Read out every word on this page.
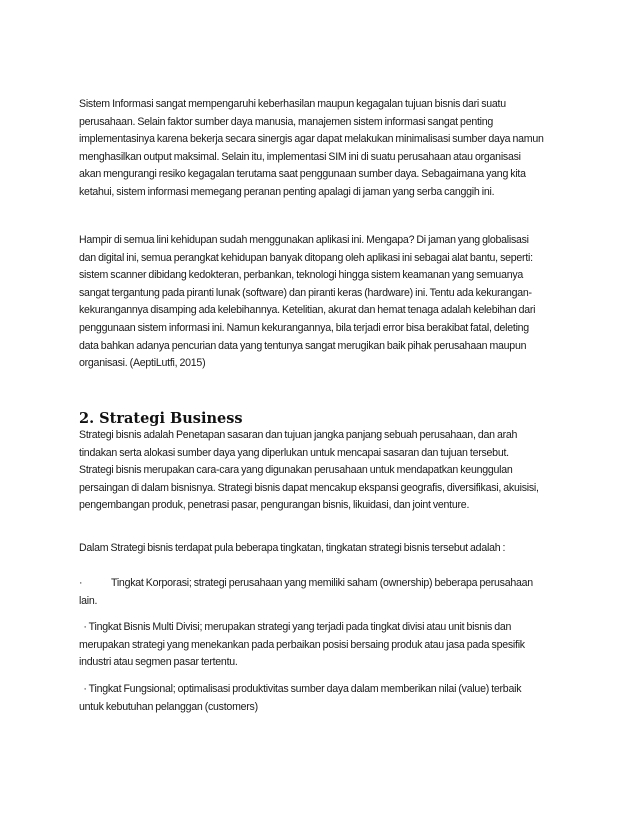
Sistem Informasi sangat mempengaruhi keberhasilan maupun kegagalan tujuan bisnis dari suatu
perusahaan. Selain faktor sumber daya manusia, manajemen sistem informasi sangat penting
implementasinya karena bekerja secara sinergis agar dapat melakukan minimalisasi sumber daya namun
menghasilkan output maksimal. Selain itu, implementasi SIM ini di suatu perusahaan atau organisasi
akan mengurangi resiko kegagalan terutama saat penggunaan sumber daya. Sebagaimana yang kita
ketahui, sistem informasi memegang peranan penting apalagi di jaman yang serba canggih ini.
Hampir di semua lini kehidupan sudah menggunakan aplikasi ini. Mengapa? Di jaman yang globalisasi
dan digital ini, semua perangkat kehidupan banyak ditopang oleh aplikasi ini sebagai alat bantu, seperti:
sistem scanner dibidang kedokteran, perbankan, teknologi hingga sistem keamanan yang semuanya
sangat tergantung pada piranti lunak (software) dan piranti keras (hardware) ini. Tentu ada kekurangan-
kekurangannya disamping ada kelebihannya. Ketelitian, akurat dan hemat tenaga adalah kelebihan dari
penggunaan sistem informasi ini. Namun kekurangannya, bila terjadi error bisa berakibat fatal, deleting
data bahkan adanya pencurian data yang tentunya sangat merugikan baik pihak perusahaan maupun
organisasi. (AeptiLutfi, 2015)
2. Strategi Business
Strategi bisnis adalah Penetapan sasaran dan tujuan jangka panjang sebuah perusahaan, dan arah
tindakan serta alokasi sumber daya yang diperlukan untuk mencapai sasaran dan tujuan tersebut.
Strategi bisnis merupakan cara-cara yang digunakan perusahaan untuk mendapatkan keunggulan
persaingan di dalam bisnisnya. Strategi bisnis dapat mencakup ekspansi geografis, diversifikasi, akuisisi,
pengembangan produk, penetrasi pasar, pengurangan bisnis, likuidasi, dan joint venture.
Dalam Strategi bisnis terdapat pula beberapa tingkatan, tingkatan strategi bisnis tersebut adalah :
·	Tingkat Korporasi; strategi perusahaan yang memiliki saham (ownership) beberapa perusahaan
lain.
· Tingkat Bisnis Multi Divisi; merupakan strategi yang terjadi pada tingkat divisi atau unit bisnis dan
merupakan strategi yang menekankan pada perbaikan posisi bersaing produk atau jasa pada spesifik
industri atau segmen pasar tertentu.
· Tingkat Fungsional; optimalisasi produktivitas sumber daya dalam memberikan nilai (value) terbaik
untuk kebutuhan pelanggan (customers)
